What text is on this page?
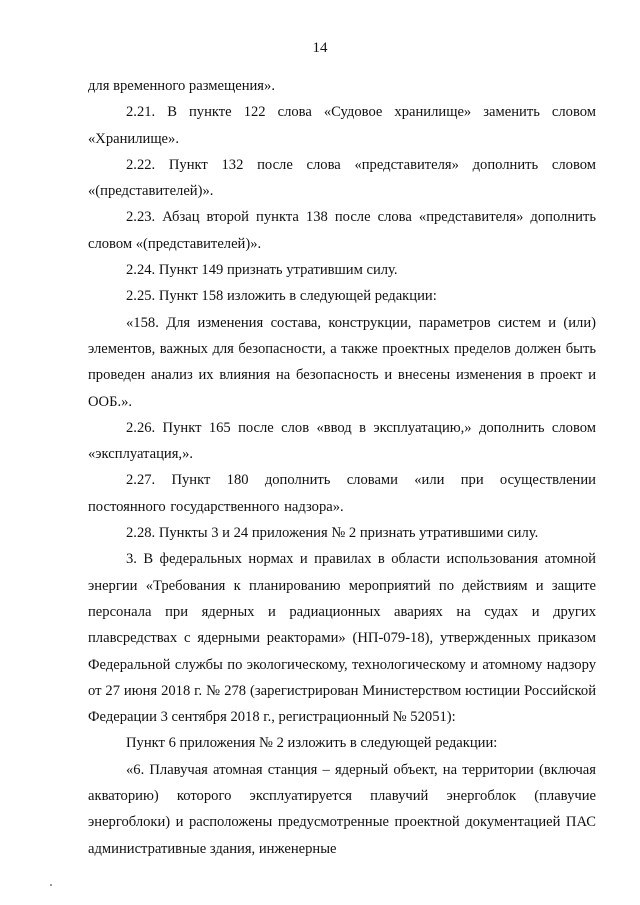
14

для временного размещения».

2.21. В пункте 122 слова «Судовое хранилище» заменить словом «Хранилище».

2.22. Пункт 132 после слова «представителя» дополнить словом «(представителей)».

2.23. Абзац второй пункта 138 после слова «представителя» дополнить словом «(представителей)».

2.24. Пункт 149 признать утратившим силу.

2.25. Пункт 158 изложить в следующей редакции:

«158. Для изменения состава, конструкции, параметров систем и (или) элементов, важных для безопасности, а также проектных пределов должен быть проведен анализ их влияния на безопасность и внесены изменения в проект и ООБ.».

2.26. Пункт 165 после слов «ввод в эксплуатацию,» дополнить словом «эксплуатация,».

2.27. Пункт 180 дополнить словами «или при осуществлении постоянного государственного надзора».

2.28. Пункты 3 и 24 приложения № 2 признать утратившими силу.

3. В федеральных нормах и правилах в области использования атомной энергии «Требования к планированию мероприятий по действиям и защите персонала при ядерных и радиационных авариях на судах и других плавсредствах с ядерными реакторами» (НП-079-18), утвержденных приказом Федеральной службы по экологическому, технологическому и атомному надзору от 27 июня 2018 г. № 278 (зарегистрирован Министерством юстиции Российской Федерации 3 сентября 2018 г., регистрационный № 52051):

Пункт 6 приложения № 2 изложить в следующей редакции:

«6. Плавучая атомная станция – ядерный объект, на территории (включая акваторию) которого эксплуатируется плавучий энергоблок (плавучие энергоблоки) и расположены предусмотренные проектной документацией ПАС административные здания, инженерные
